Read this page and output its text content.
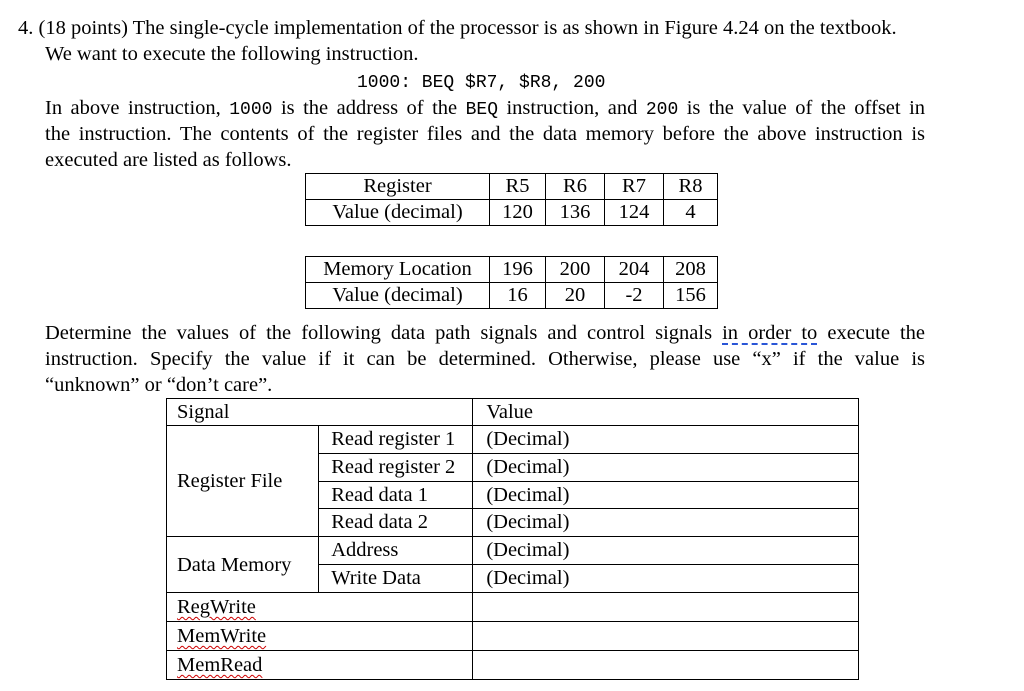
4. (18 points) The single-cycle implementation of the processor is as shown in Figure 4.24 on the textbook.
We want to execute the following instruction.
1000: BEQ $R7, $R8, 200
In above instruction, 1000 is the address of the BEQ instruction, and 200 is the value of the offset in
the instruction. The contents of the register files and the data memory before the above instruction is
executed are listed as follows.
Register	R5	R6	R7	R8
Value (decimal)	120	136	124	4
Memory Location	196	200	204	208
Value (decimal)	16	20	-2	156
Determine the values of the following data path signals and control signals in order to execute the
instruction. Specify the value if it can be determined. Otherwise, please use “x” if the value is
“unknown” or “don’t care”.
Signal		Value
Register File	Read register 1	(Decimal)
	Read register 2	(Decimal)
	Read data 1	(Decimal)
	Read data 2	(Decimal)
Data Memory	Address	(Decimal)
	Write Data	(Decimal)
RegWrite		
MemWrite		
MemRead		
